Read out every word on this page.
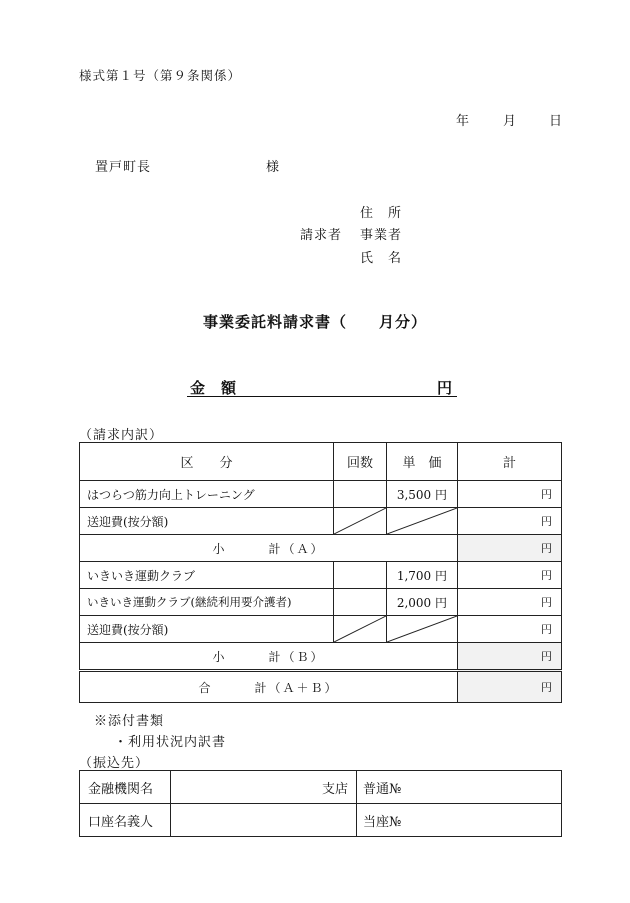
様式第１号（第９条関係）
年	月	日
置戸町長	様
住　所
請求者 事業者
氏　名
事業委託料請求書（　　月分）
金額	円
（請求内訳）
区　　分	回数	単　価	計
はつらつ筋力向上トレーニング		3,500 円	円
送迎費(按分額)			円
小　　　計（Ａ）			円
いきいき運動クラブ		1,700 円	円
いきいき運動クラブ(継続利用要介護者)		2,000 円	円
送迎費(按分額)			円
小　　　計（Ｂ）			円
合　　　計（Ａ＋Ｂ）			円
※添付書類
・利用状況内訳書
（振込先）
金融機関名	支店	普通№
口座名義人		当座№
